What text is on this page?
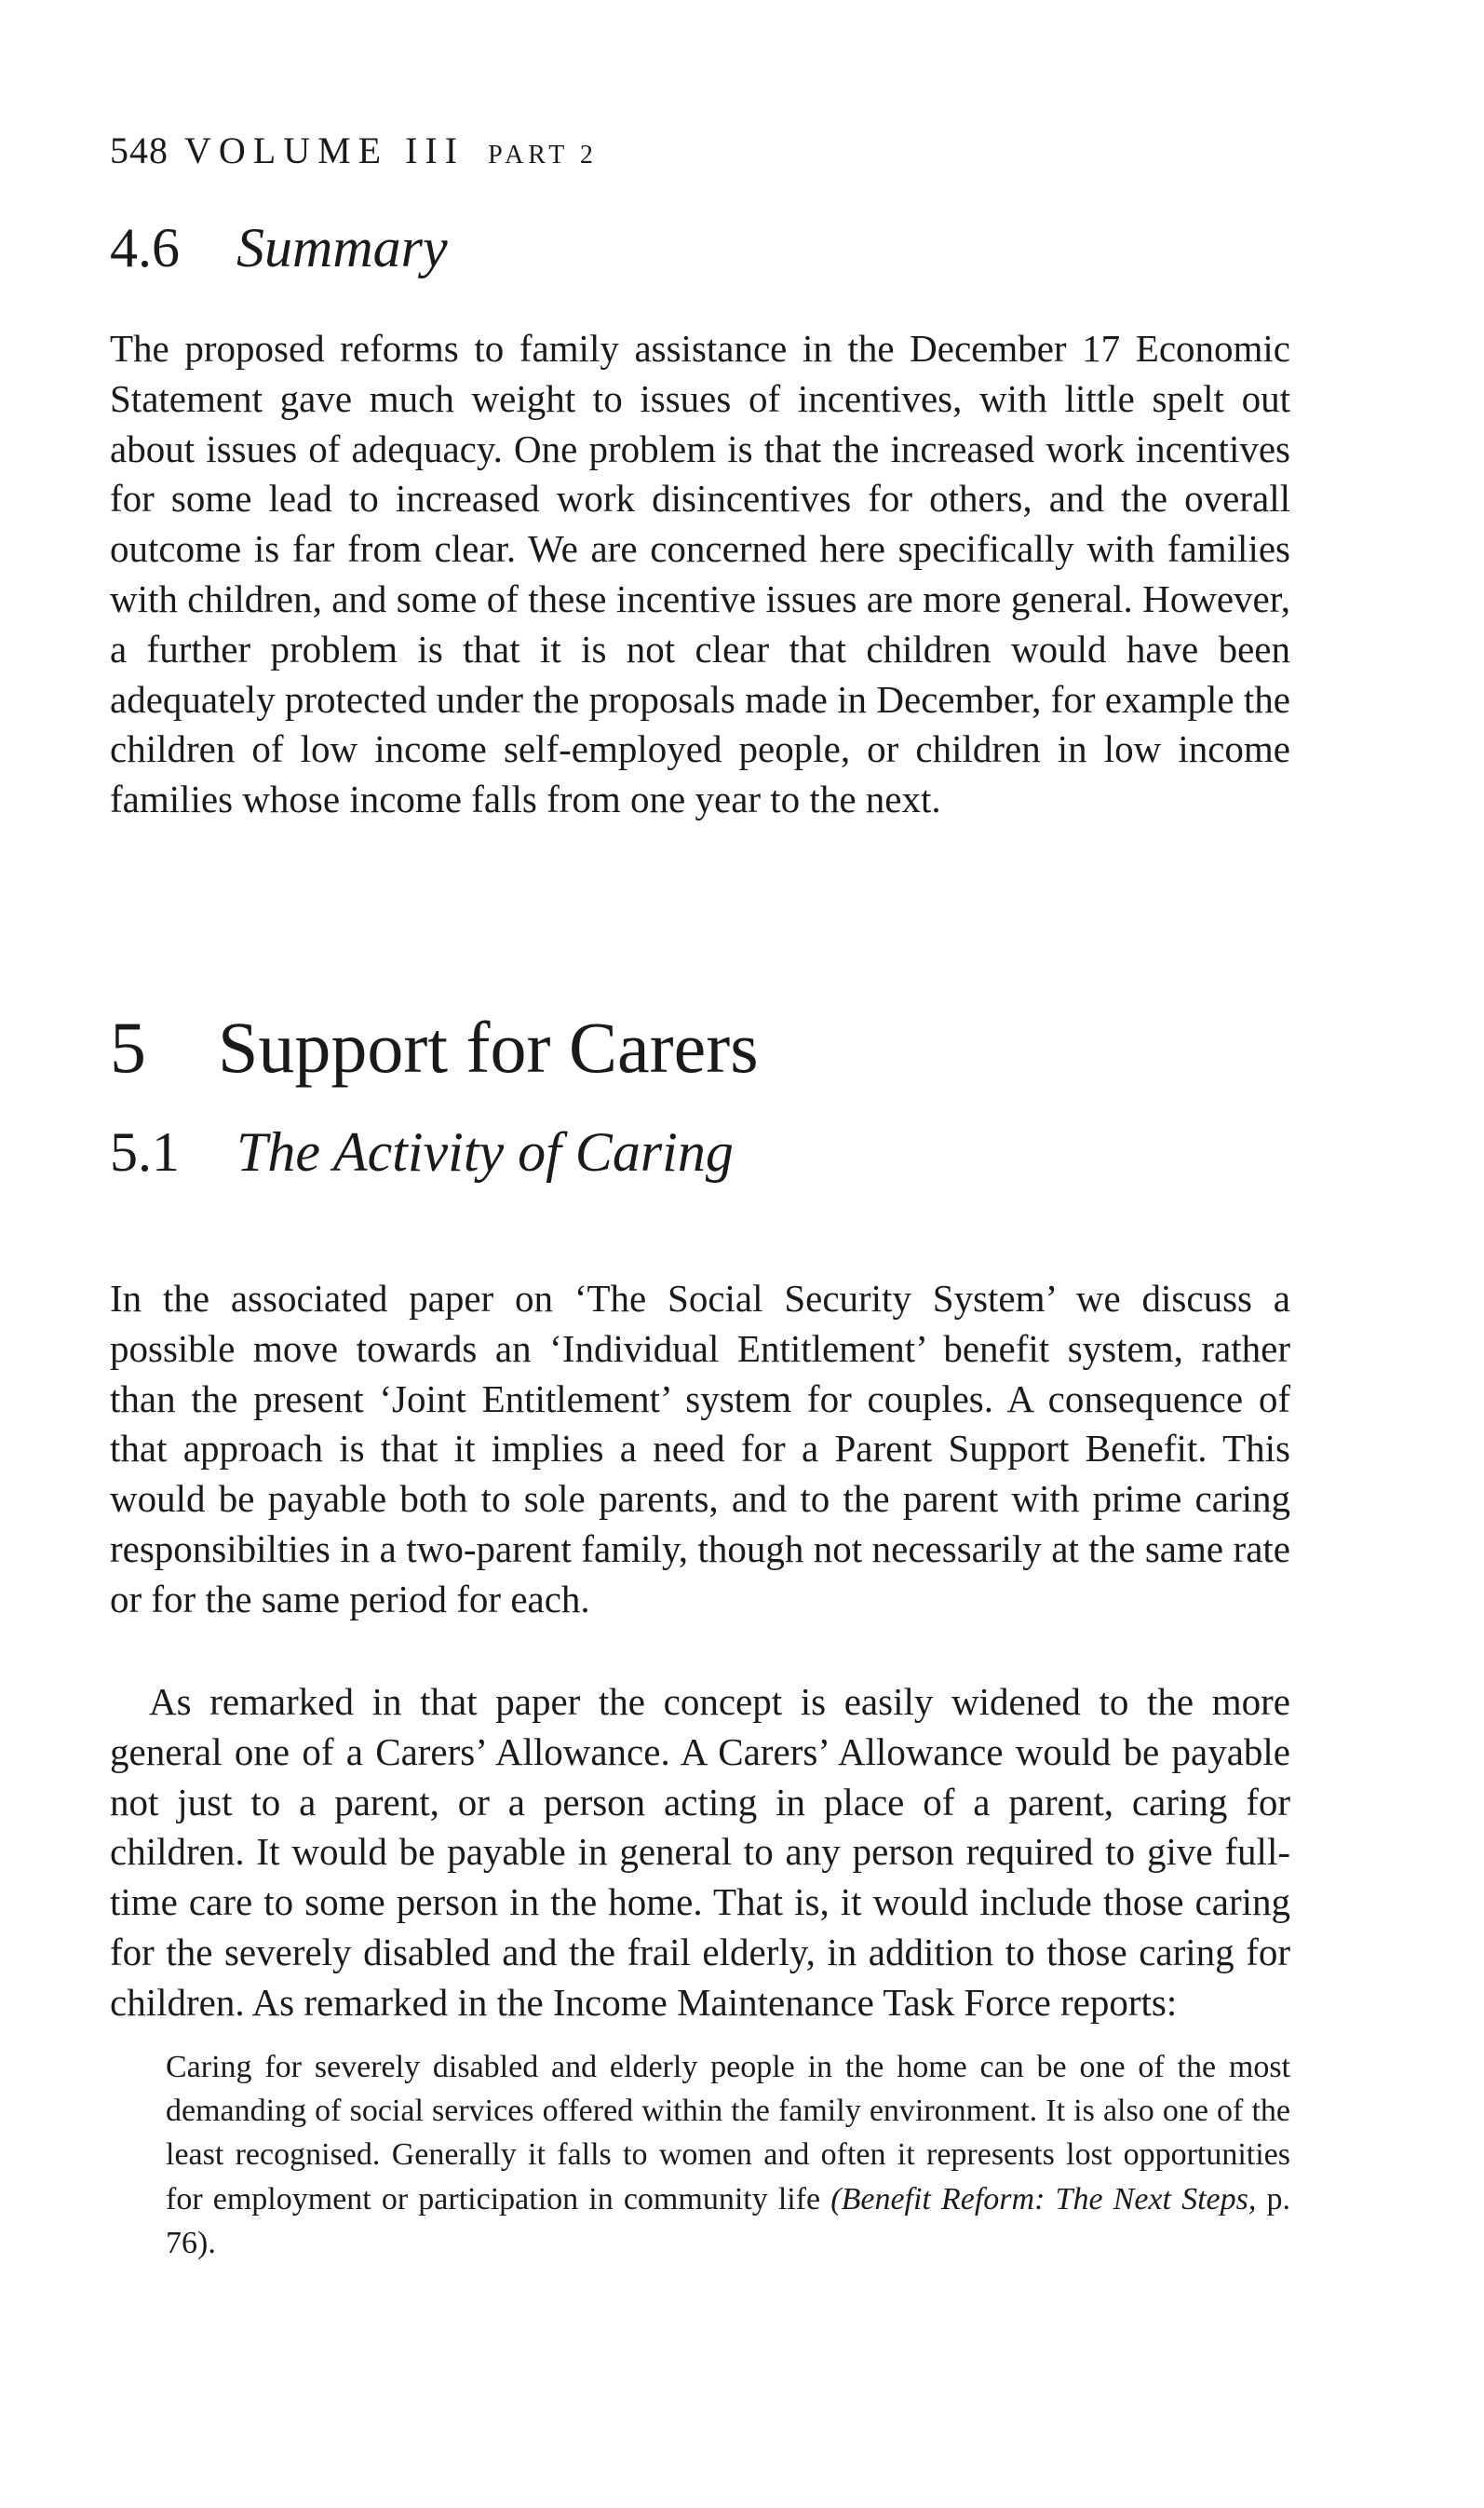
548 VOLUME III PART 2
4.6 Summary

The proposed reforms to family assistance in the December 17 Economic Statement gave much weight to issues of incentives, with little spelt out about issues of adequacy. One problem is that the increased work incentives for some lead to increased work disincentives for others, and the overall outcome is far from clear. We are concerned here specifically with families with children, and some of these incentive issues are more general. However, a further problem is that it is not clear that children would have been adequately protected under the proposals made in December, for example the children of low income self-employed people, or children in low income families whose income falls from one year to the next.

5 Support for Carers
5.1 The Activity of Caring

In the associated paper on ‘The Social Security System’ we discuss a possible move towards an ‘Individual Entitlement’ benefit system, rather than the present ‘Joint Entitlement’ system for couples. A consequence of that approach is that it implies a need for a Parent Support Benefit. This would be payable both to sole parents, and to the parent with prime caring responsibilties in a two-parent family, though not necessarily at the same rate or for the same period for each.

As remarked in that paper the concept is easily widened to the more general one of a Carers’ Allowance. A Carers’ Allowance would be payable not just to a parent, or a person acting in place of a parent, caring for children. It would be payable in general to any person required to give full-time care to some person in the home. That is, it would include those caring for the severely disabled and the frail elderly, in addition to those caring for children. As remarked in the Income Maintenance Task Force reports:

Caring for severely disabled and elderly people in the home can be one of the most demanding of social services offered within the family environment. It is also one of the least recognised. Generally it falls to women and often it represents lost opportunities for employment or participation in community life (Benefit Reform: The Next Steps, p. 76).
